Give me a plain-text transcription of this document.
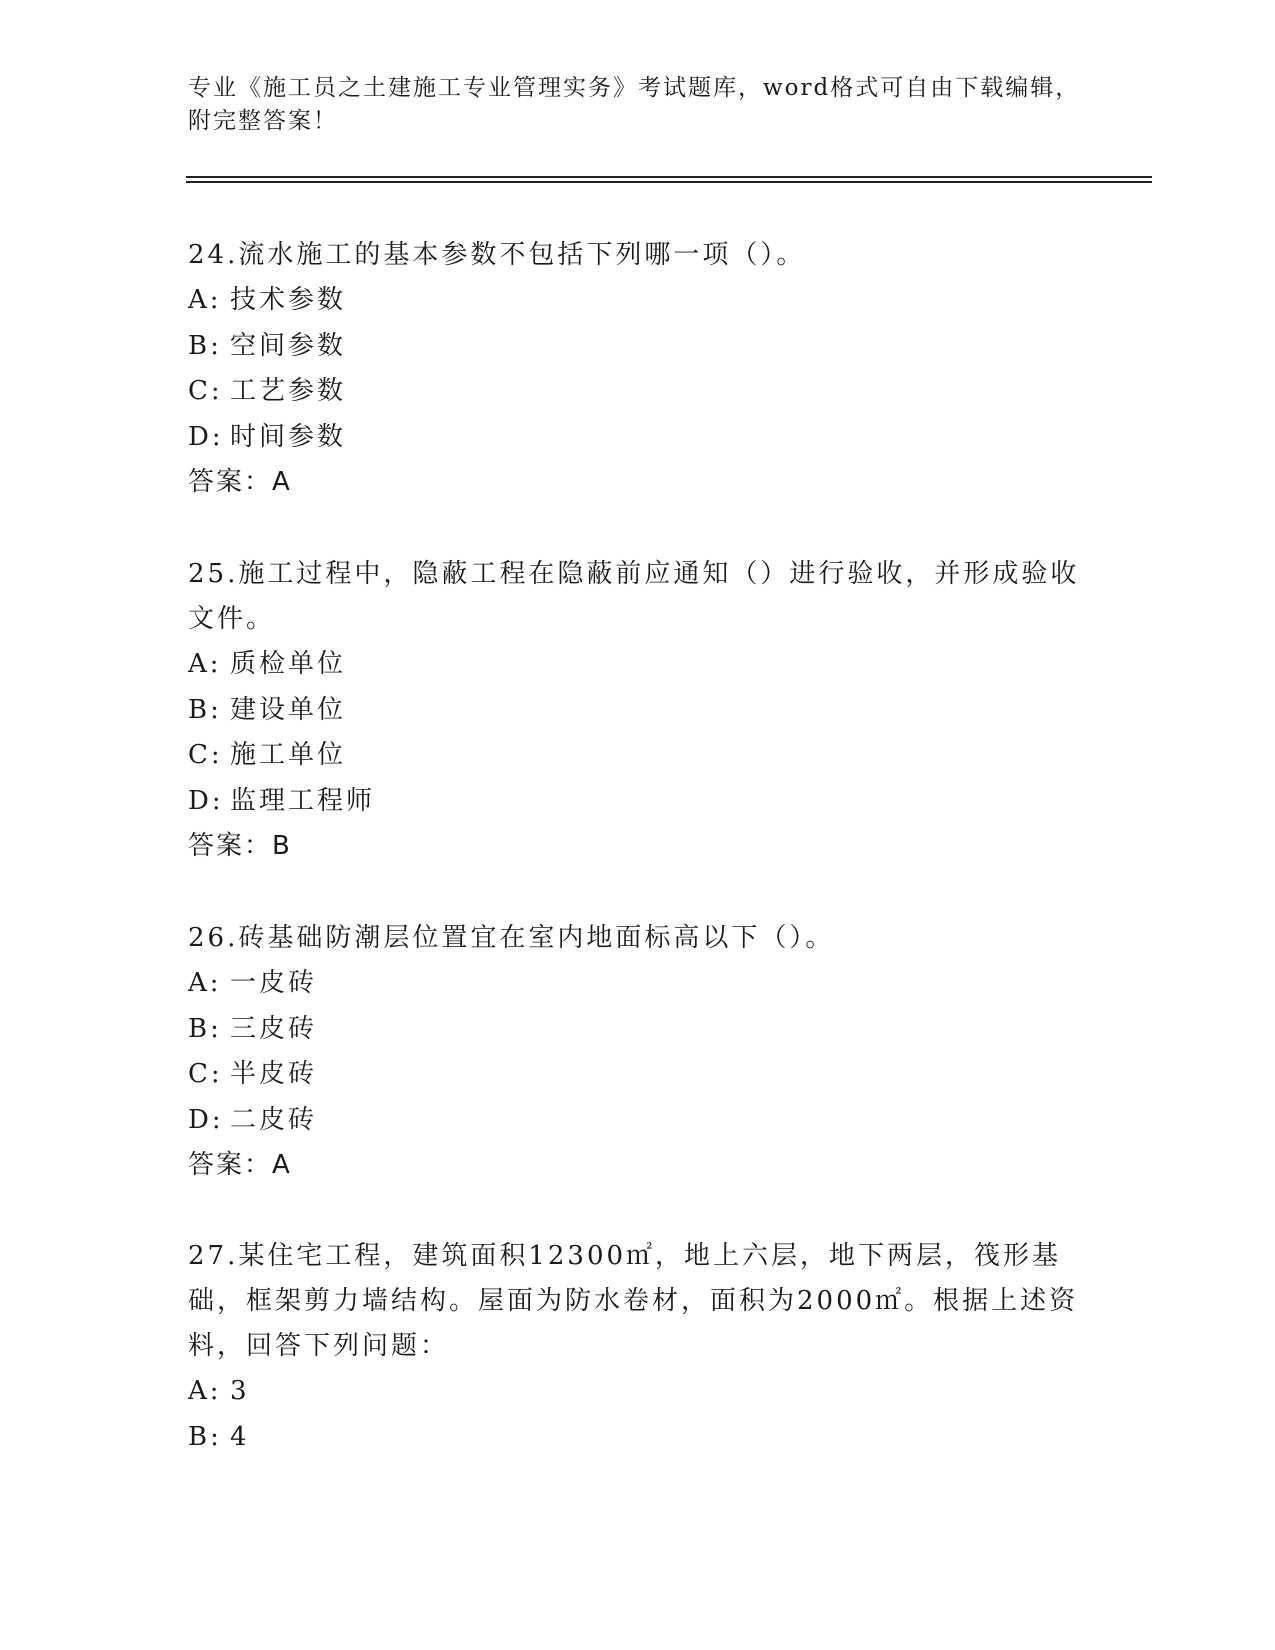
专业《施工员之土建施工专业管理实务》考试题库，word格式可自由下载编辑，

附完整答案！

24.流水施工的基本参数不包括下列哪一项（）。

A: 技术参数

B: 空间参数

C: 工艺参数

D: 时间参数

答案：A

25.施工过程中，隐蔽工程在隐蔽前应通知（）进行验收，并形成验收文件。

A: 质检单位

B: 建设单位

C: 施工单位

D: 监理工程师

答案：B

26.砖基础防潮层位置宜在室内地面标高以下（）。

A: 一皮砖

B: 三皮砖

C: 半皮砖

D: 二皮砖

答案：A

27.某住宅工程，建筑面积12300㎡，地上六层，地下两层，筏形基础，框架剪力墙结构。屋面为防水卷材，面积为2000㎡。根据上述资料，回答下列问题：

A: 3

B: 4
